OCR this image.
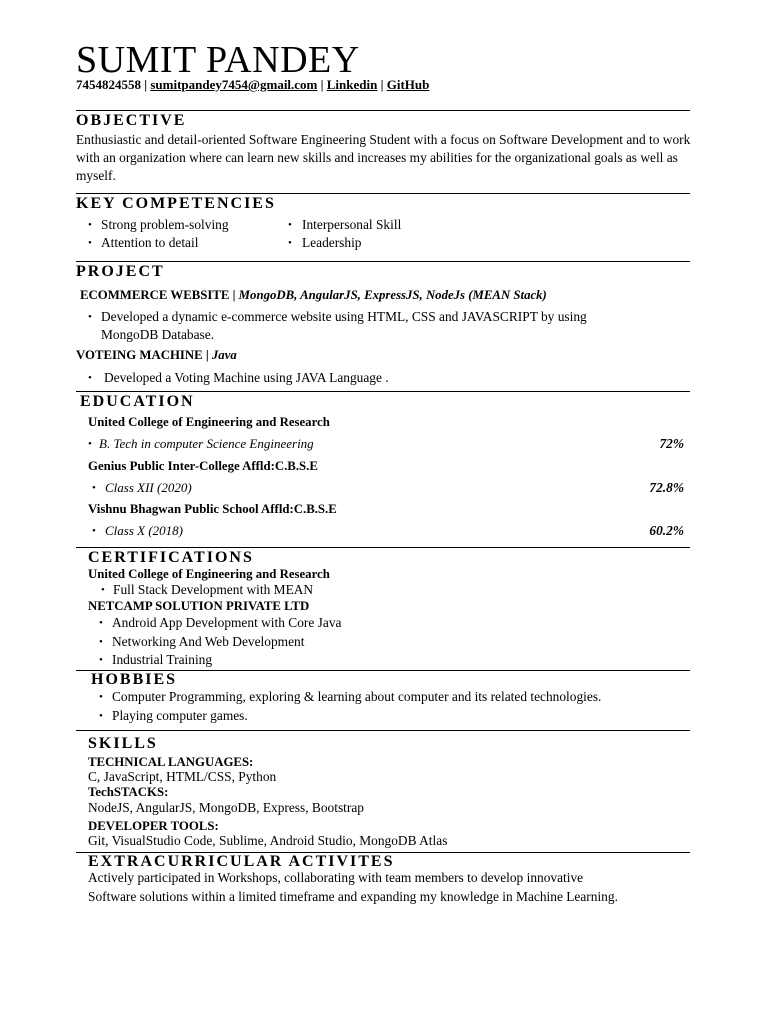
SUMIT PANDEY
7454824558 | sumitpandey7454@gmail.com | Linkedin | GitHub
OBJECTIVE
Enthusiastic and detail-oriented Software Engineering Student with a focus on Software Development and to work with an organization where can learn new skills and increases my abilities for the organizational goals as well as myself.
KEY COMPETENCIES
• Strong problem-solving	• Interpersonal Skill
• Attention to detail	• Leadership
PROJECT
ECOMMERCE WEBSITE | MongoDB, AngularJS, ExpressJS, NodeJs (MEAN Stack)
• Developed a dynamic e-commerce website using HTML, CSS and JAVASCRIPT by using
MongoDB Database.
VOTEING MACHINE | Java
• Developed a Voting Machine using JAVA Language .
EDUCATION
United College of Engineering and Research
• B. Tech in computer Science Engineering	72%
Genius Public Inter-College Affld:C.B.S.E
• Class XII (2020)	72.8%
Vishnu Bhagwan Public School Affld:C.B.S.E
• Class X (2018)	60.2%
CERTIFICATIONS
United College of Engineering and Research
• Full Stack Development with MEAN
NETCAMP SOLUTION PRIVATE LTD
• Android App Development with Core Java
• Networking And Web Development
• Industrial Training
HOBBIES
• Computer Programming, exploring & learning about computer and its related technologies.
• Playing computer games.
SKILLS
TECHNICAL LANGUAGES:
C, JavaScript, HTML/CSS, Python
TechSTACKS:
NodeJS, AngularJS, MongoDB, Express, Bootstrap
DEVELOPER TOOLS:
Git, VisualStudio Code, Sublime, Android Studio, MongoDB Atlas
EXTRACURRICULAR ACTIVITES
Actively participated in Workshops, collaborating with team members to develop innovative
Software solutions within a limited timeframe and expanding my knowledge in Machine Learning.
